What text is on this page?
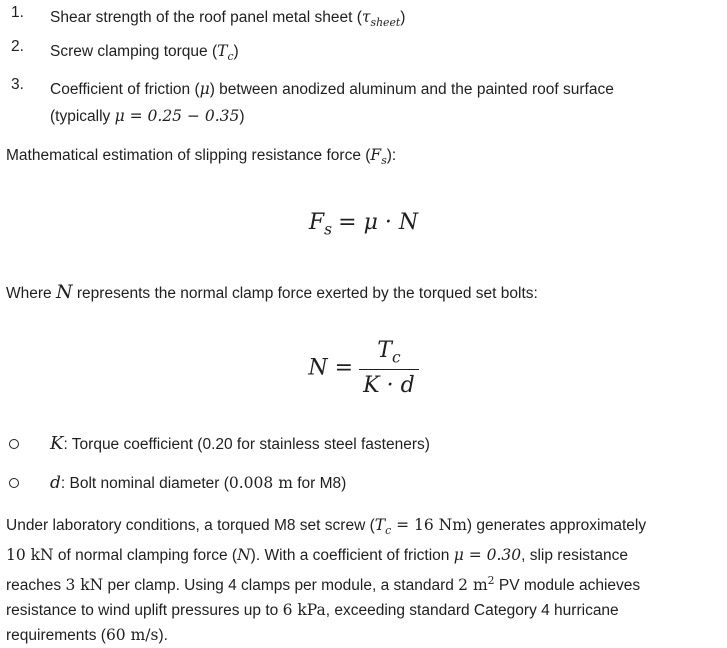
1.	Shear strength of the roof panel metal sheet $(\tau_{sheet})$
2.	Screw clamping torque $(T_c)$
3.	Coefficient of friction (μ) between anodized aluminum and the painted roof surface
(typically μ = 0.25 − 0.35)
Mathematical estimation of slipping resistance force $(F_s)$:
$F_s = \mu \cdot N$
Where N represents the normal clamp force exerted by the torqued set bolts:
$N = \frac{T_c}{K \cdot d}$
K: Torque coefficient (0.20 for stainless steel fasteners)
d: Bolt nominal diameter (0.008 m for M8)
Under laboratory conditions, a torqued M8 set screw ($T_c = 16$ Nm) generates approximately
10 kN of normal clamping force (N). With a coefficient of friction μ = 0.30, slip resistance
reaches 3 kN per clamp. Using 4 clamps per module, a standard 2 $m^2$ PV module achieves
resistance to wind uplift pressures up to 6 kPa, exceeding standard Category 4 hurricane
requirements (60 m/s).
